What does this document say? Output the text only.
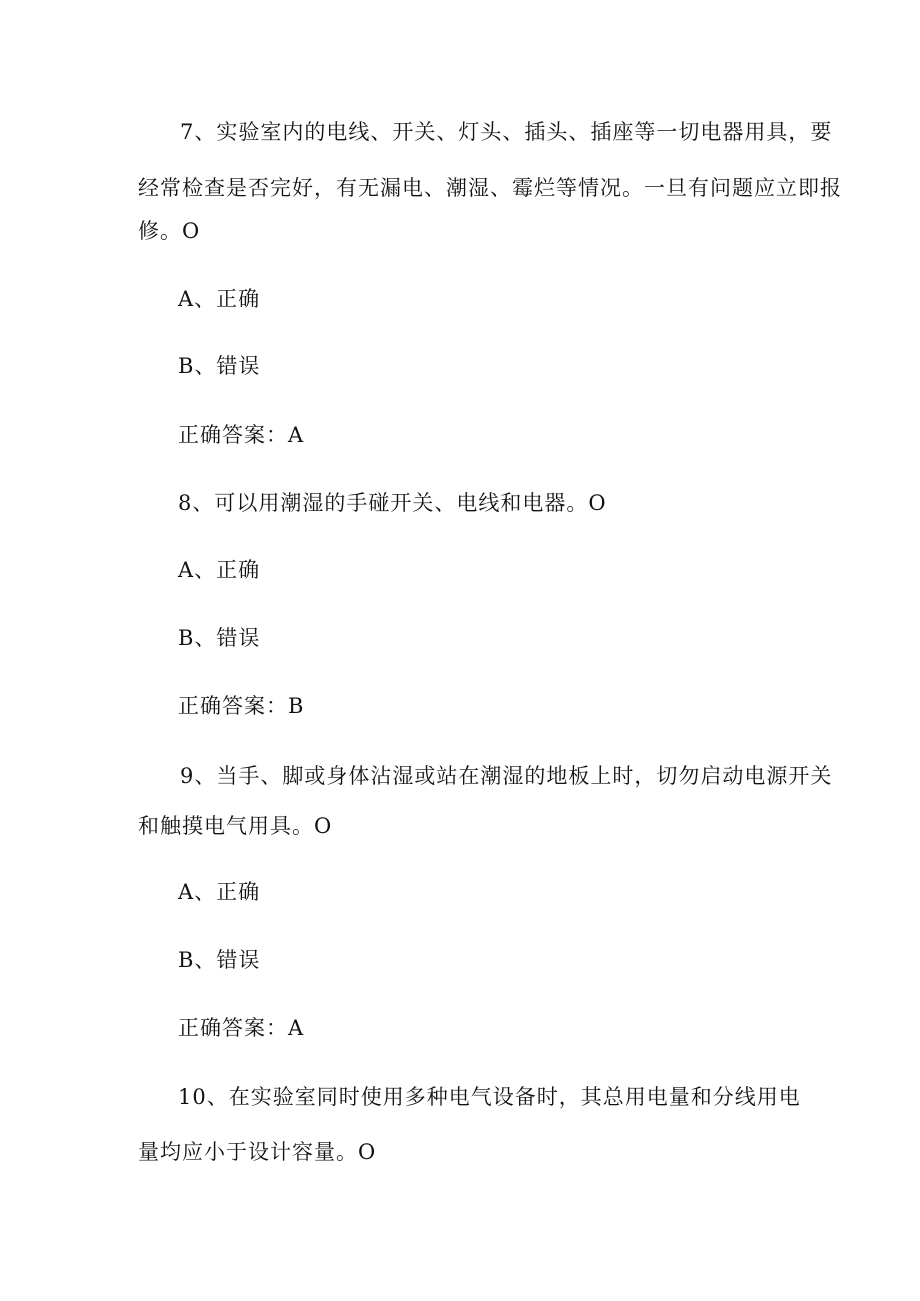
7、实验室内的电线、开关、灯头、插头、插座等一切电器用具，要
经常检查是否完好，有无漏电、潮湿、霉烂等情况。一旦有问题应立即报
修。O
A、正确
B、错误
正确答案：A
8、可以用潮湿的手碰开关、电线和电器。O
A、正确
B、错误
正确答案：B
9、当手、脚或身体沾湿或站在潮湿的地板上时，切勿启动电源开关
和触摸电气用具。O
A、正确
B、错误
正确答案：A
10、在实验室同时使用多种电气设备时，其总用电量和分线用电
量均应小于设计容量。O
